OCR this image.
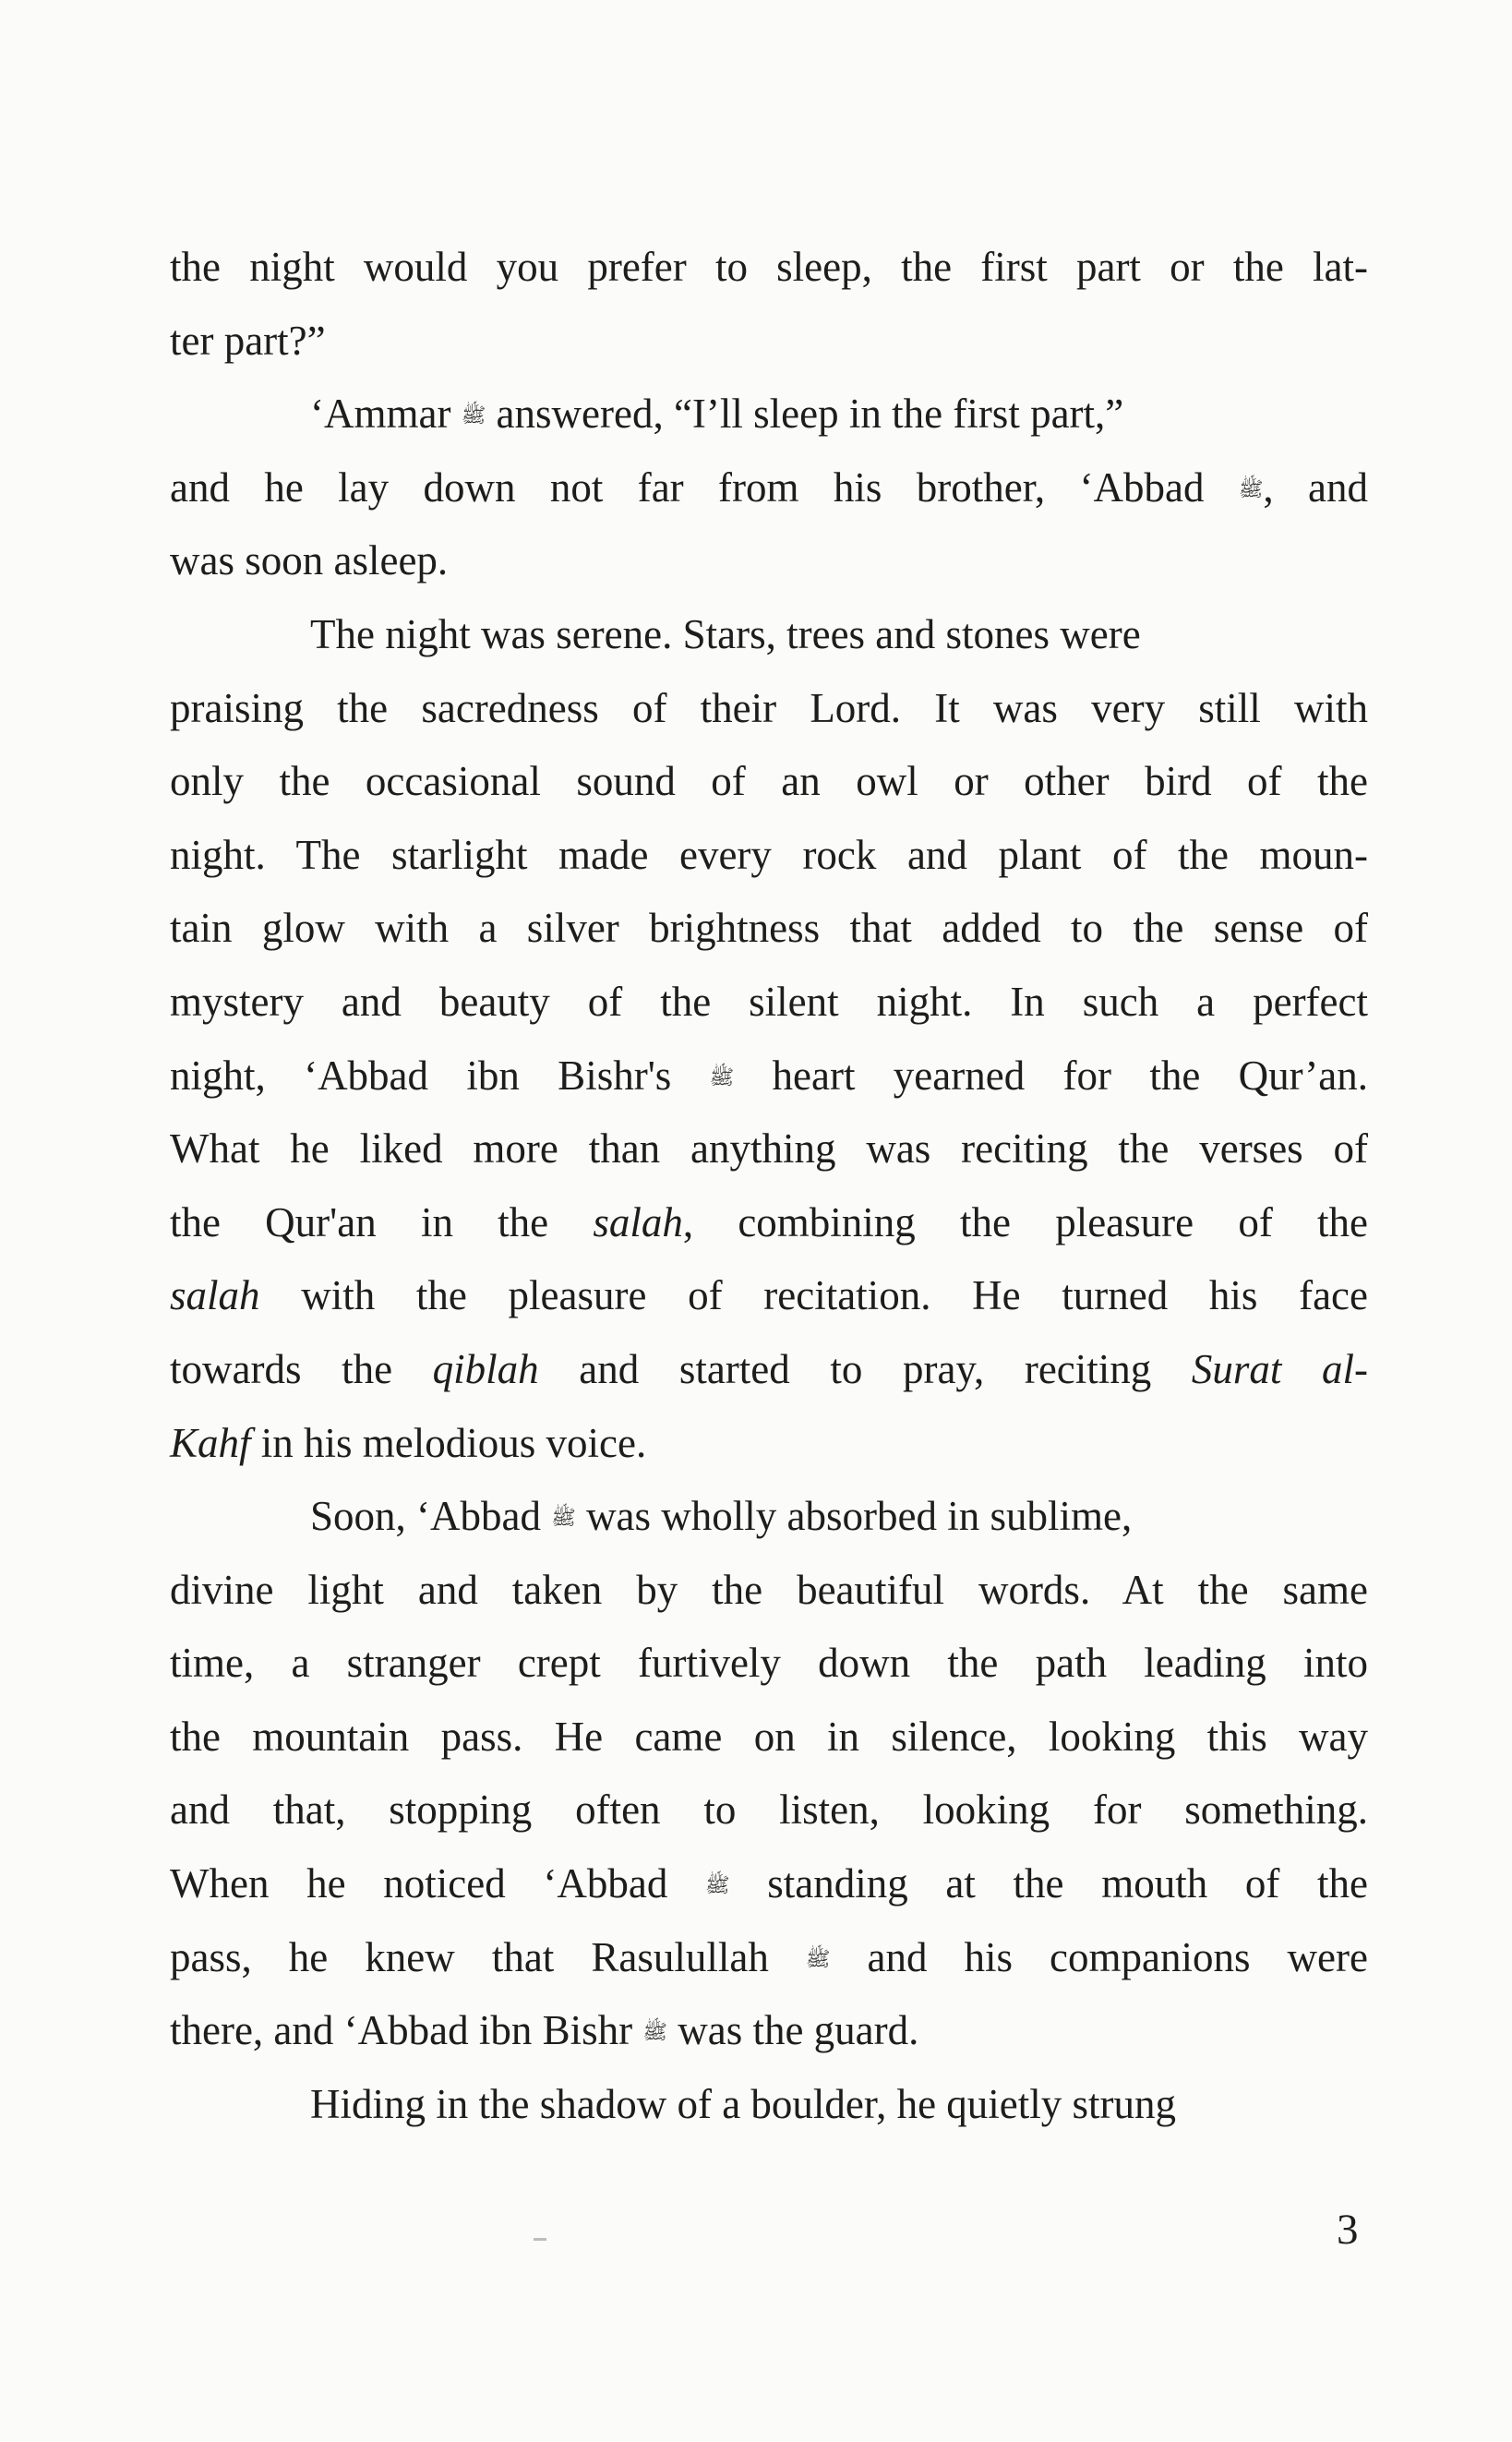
the night would you prefer to sleep, the first part or the lat-
ter part?”
‘Ammar ﷺ answered, “I’ll sleep in the first part,”
and he lay down not far from his brother, ‘Abbad ﷺ, and
was soon asleep.
The night was serene. Stars, trees and stones were
praising the sacredness of their Lord. It was very still with
only the occasional sound of an owl or other bird of the
night. The starlight made every rock and plant of the moun-
tain glow with a silver brightness that added to the sense of
mystery and beauty of the silent night. In such a perfect
night, ‘Abbad ibn Bishr's ﷺ heart yearned for the Qur’an.
What he liked more than anything was reciting the verses of
the Qur'an in the salah, combining the pleasure of the
salah with the pleasure of recitation. He turned his face
towards the qiblah and started to pray, reciting Surat al-
Kahf in his melodious voice.
Soon, ‘Abbad ﷺ was wholly absorbed in sublime,
divine light and taken by the beautiful words. At the same
time, a stranger crept furtively down the path leading into
the mountain pass. He came on in silence, looking this way
and that, stopping often to listen, looking for something.
When he noticed ‘Abbad ﷺ standing at the mouth of the
pass, he knew that Rasulullah ﷺ and his companions were
there, and ‘Abbad ibn Bishr ﷺ was the guard.
Hiding in the shadow of a boulder, he quietly strung
3
